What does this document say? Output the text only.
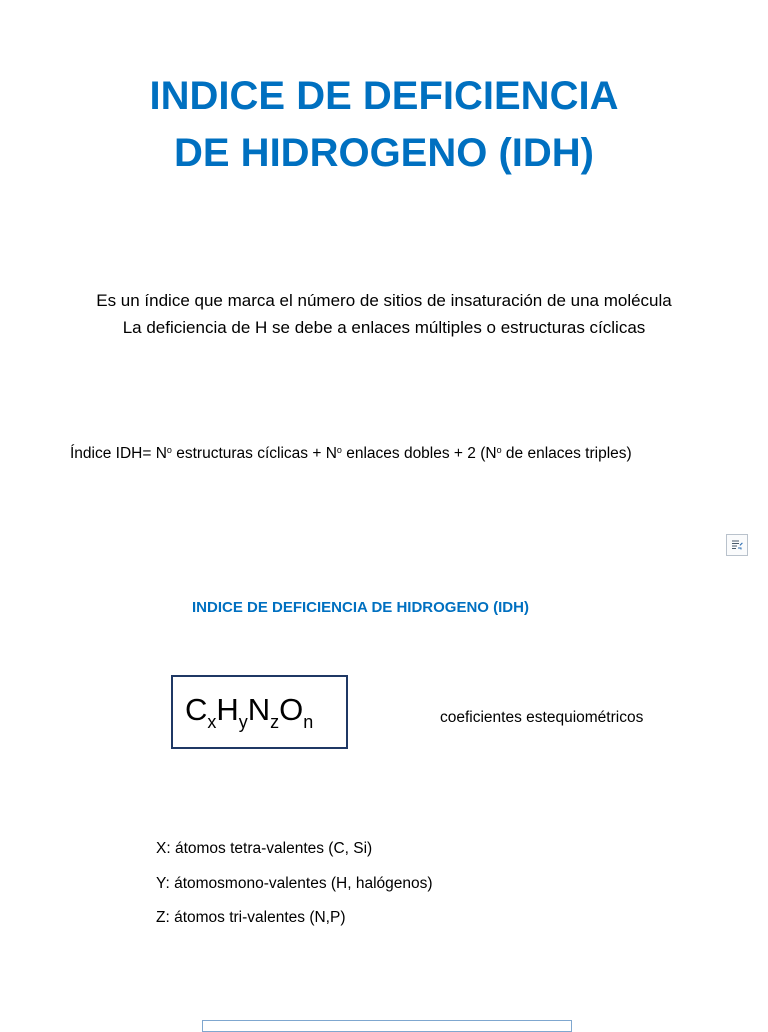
INDICE DE DEFICIENCIA
DE HIDROGENO (IDH)
Es un índice que marca el número de sitios de insaturación de una molécula
La deficiencia de H se debe a enlaces múltiples o estructuras cíclicas
Índice $IDH= N^o$ estructuras cíclicas + $N^o$ enlaces dobles + 2 ($N^o$ de enlaces triples)
INDICE DE DEFICIENCIA DE HIDROGENO (IDH)
$C_xH_yN_zO_n$	coeficientes estequiométricos
X: átomos tetra-valentes (C, Si)
Y: átomosmono-valentes (H, halógenos)
Z: átomos tri-valentes (N,P)
